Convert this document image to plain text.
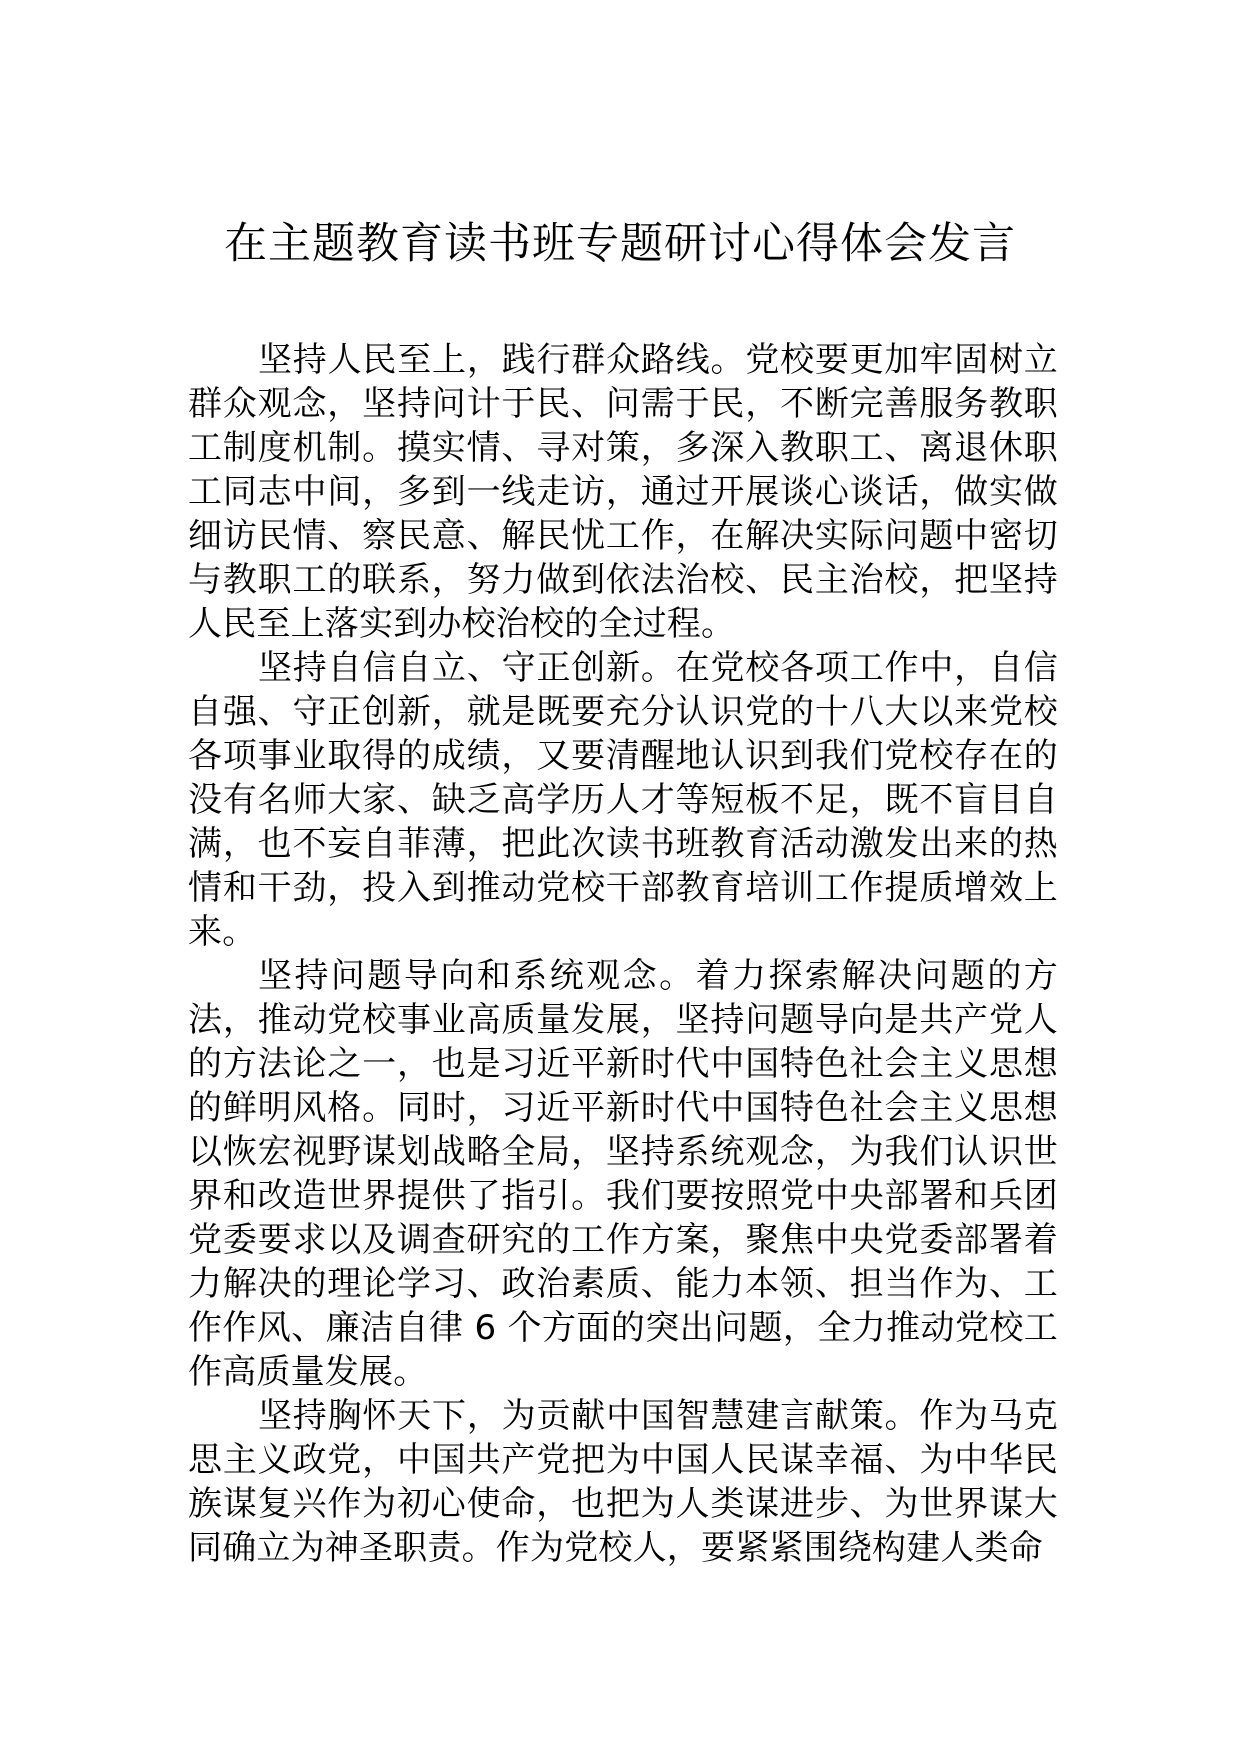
在主题教育读书班专题研讨心得体会发言

坚持人民至上，践行群众路线。党校要更加牢固树立群众观念，坚持问计于民、问需于民，不断完善服务教职工制度机制。摸实情、寻对策，多深入教职工、离退休职工同志中间，多到一线走访，通过开展谈心谈话，做实做细访民情、察民意、解民忧工作，在解决实际问题中密切与教职工的联系，努力做到依法治校、民主治校，把坚持人民至上落实到办校治校的全过程。

坚持自信自立、守正创新。在党校各项工作中，自信自强、守正创新，就是既要充分认识党的十八大以来党校各项事业取得的成绩，又要清醒地认识到我们党校存在的没有名师大家、缺乏高学历人才等短板不足，既不盲目自满，也不妄自菲薄，把此次读书班教育活动激发出来的热情和干劲，投入到推动党校干部教育培训工作提质增效上来。

坚持问题导向和系统观念。着力探索解决问题的方法，推动党校事业高质量发展，坚持问题导向是共产党人的方法论之一，也是习近平新时代中国特色社会主义思想的鲜明风格。同时，习近平新时代中国特色社会主义思想以恢宏视野谋划战略全局，坚持系统观念，为我们认识世界和改造世界提供了指引。我们要按照党中央部署和兵团党委要求以及调查研究的工作方案，聚焦中央党委部署着力解决的理论学习、政治素质、能力本领、担当作为、工作作风、廉洁自律 6 个方面的突出问题，全力推动党校工作高质量发展。

坚持胸怀天下，为贡献中国智慧建言献策。作为马克思主义政党，中国共产党把为中国人民谋幸福、为中华民族谋复兴作为初心使命，也把为人类谋进步、为世界谋大同确立为神圣职责。作为党校人，要紧紧围绕构建人类命
